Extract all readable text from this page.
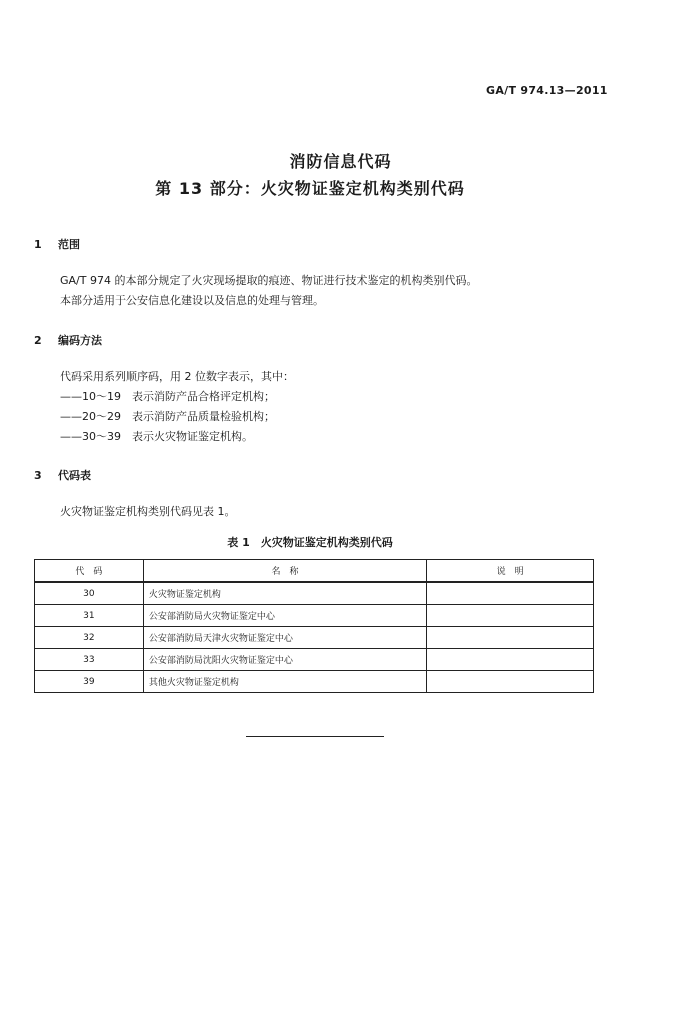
GA/T 974.13—2011
消防信息代码
第 13 部分：火灾物证鉴定机构类别代码
1 范围
GA/T 974 的本部分规定了火灾现场提取的痕迹、物证进行技术鉴定的机构类别代码。
本部分适用于公安信息化建设以及信息的处理与管理。
2 编码方法
代码采用系列顺序码，用 2 位数字表示，其中：
——10～19　表示消防产品合格评定机构；
——20～29　表示消防产品质量检验机构；
——30～39　表示火灾物证鉴定机构。
3 代码表
火灾物证鉴定机构类别代码见表 1。
表 1　火灾物证鉴定机构类别代码
代　码	名　称	说　明
30	火灾物证鉴定机构	
31	公安部消防局火灾物证鉴定中心	
32	公安部消防局天津火灾物证鉴定中心	
33	公安部消防局沈阳火灾物证鉴定中心	
39	其他火灾物证鉴定机构	
